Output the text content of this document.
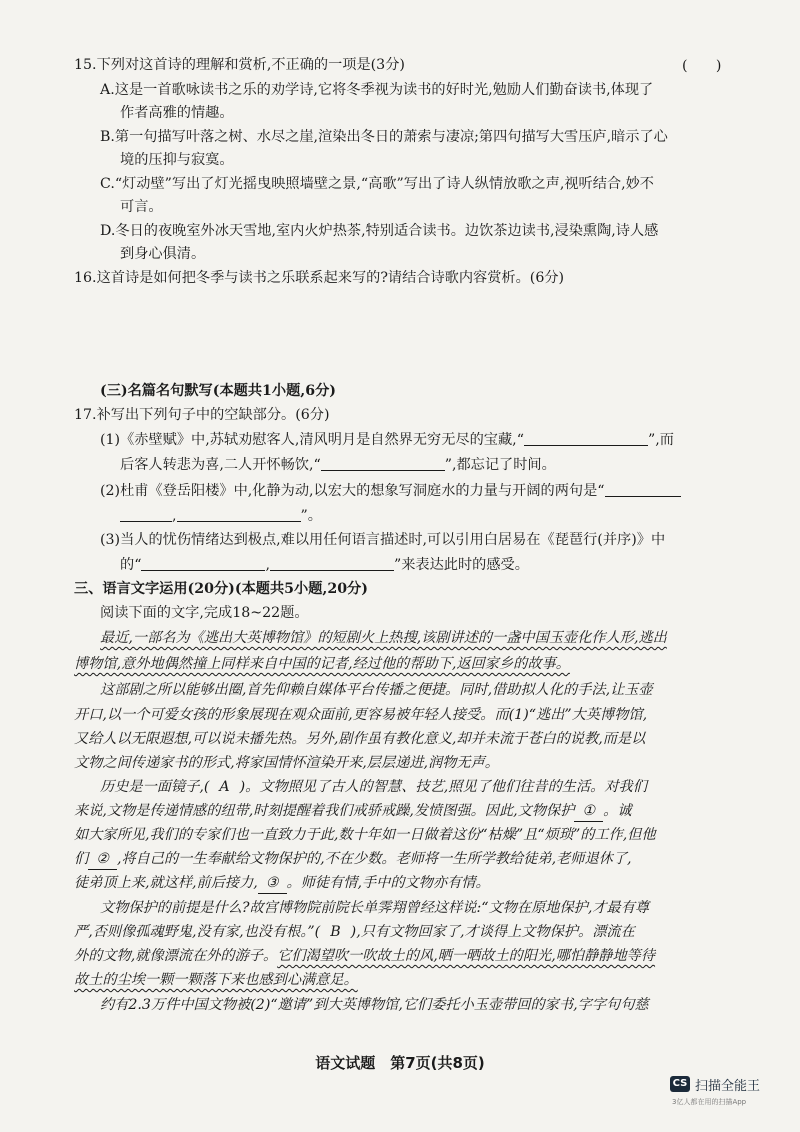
15.下列对这首诗的理解和赏析,不正确的一项是(3分)	(　　)
A.这是一首歌咏读书之乐的劝学诗,它将冬季视为读书的好时光,勉励人们勤奋读书,体现了
作者高雅的情趣。
B.第一句描写叶落之树、水尽之崖,渲染出冬日的萧索与凄凉;第四句描写大雪压庐,暗示了心
境的压抑与寂寞。
C.“灯动壁”写出了灯光摇曳映照墙壁之景,“高歌”写出了诗人纵情放歌之声,视听结合,妙不
可言。
D.冬日的夜晚室外冰天雪地,室内火炉热茶,特别适合读书。边饮茶边读书,浸染熏陶,诗人感
到身心俱清。
16.这首诗是如何把冬季与读书之乐联系起来写的?请结合诗歌内容赏析。(6分)
(三)名篇名句默写(本题共1小题,6分)
17.补写出下列句子中的空缺部分。(6分)
(1)《赤壁赋》中,苏轼劝慰客人,清风明月是自然界无穷无尽的宝藏,“	”,而
后客人转悲为喜,二人开怀畅饮,“	”,都忘记了时间。
(2)杜甫《登岳阳楼》中,化静为动,以宏大的想象写洞庭水的力量与开阔的两句是“
,	”。
(3)当人的忧伤情绪达到极点,难以用任何语言描述时,可以引用白居易在《琵琶行(并序)》中
的“	,	”来表达此时的感受。
三、语言文字运用(20分)(本题共5小题,20分)
阅读下面的文字,完成18~22题。
最近,一部名为《逃出大英博物馆》的短剧火上热搜,该剧讲述的一盏中国玉壶化作人形,逃出
博物馆,意外地偶然撞上同样来自中国的记者,经过他的帮助下,返回家乡的故事。
这部剧之所以能够出圈,首先仰赖自媒体平台传播之便捷。同时,借助拟人化的手法,让玉壶
开口,以一个可爱女孩的形象展现在观众面前,更容易被年轻人接受。而(1)“逃出”大英博物馆,
又给人以无限遐想,可以说未播先热。另外,剧作虽有教化意义,却并未流于苍白的说教,而是以
文物之间传递家书的形式,将家国情怀渲染开来,层层递进,润物无声。
历史是一面镜子,( A )。文物照见了古人的智慧、技艺,照见了他们往昔的生活。对我们
来说,文物是传递情感的纽带,时刻提醒着我们戒骄戒躁,发愤图强。因此,文物保护 ① 。诚
如大家所见,我们的专家们也一直致力于此,数十年如一日做着这份“枯燥”且“烦琐”的工作,但他
们 ② ,将自己的一生奉献给文物保护的,不在少数。老师将一生所学教给徒弟,老师退休了,
徒弟顶上来,就这样,前后接力, ③ 。师徒有情,手中的文物亦有情。
文物保护的前提是什么?故宫博物院前院长单霁翔曾经这样说:“文物在原地保护,才最有尊
严,否则像孤魂野鬼,没有家,也没有根。”( B ),只有文物回家了,才谈得上文物保护。漂流在
外的文物,就像漂流在外的游子。它们渴望吹一吹故土的风,晒一晒故土的阳光,哪怕静静地等待
故土的尘埃一颗一颗落下来也感到心满意足。
约有2.3万件中国文物被(2)“邀请”到大英博物馆,它们委托小玉壶带回的家书,字字句句慈
语文试题　第7页(共8页)
CS 扫描全能王
3亿人都在用的扫描App
